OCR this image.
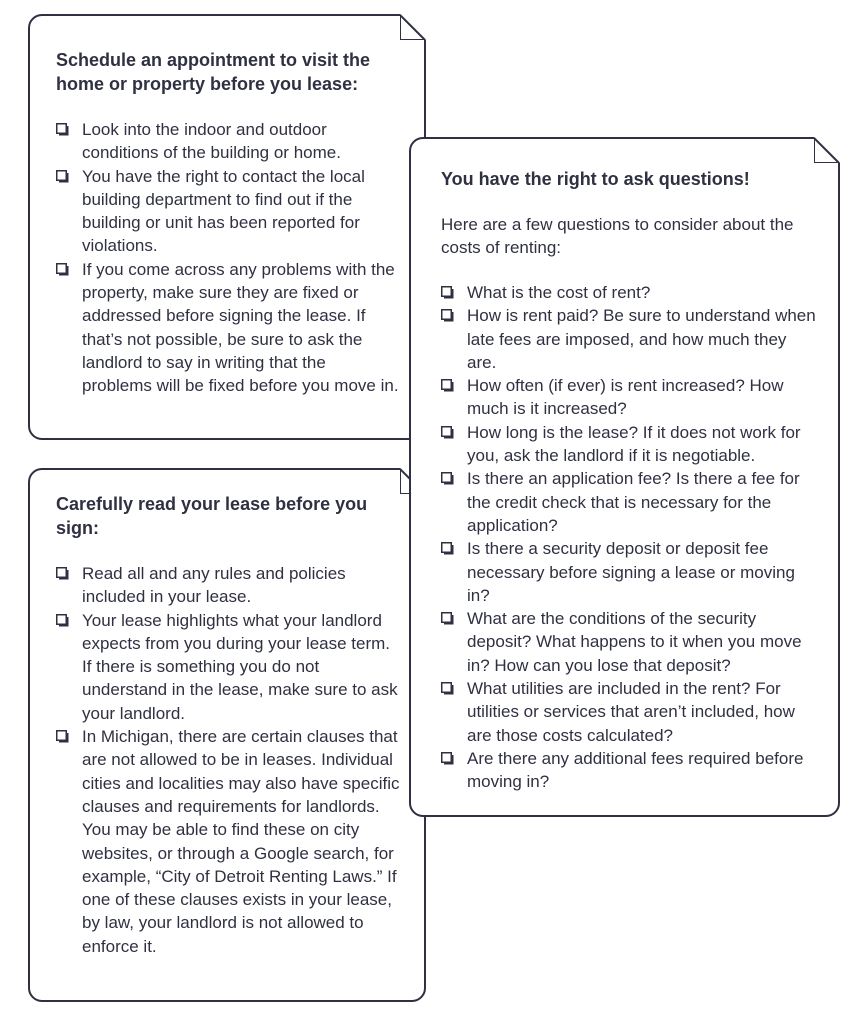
Schedule an appointment to visit the home or property before you lease:
Look into the indoor and outdoor conditions of the building or home.
You have the right to contact the local building department to find out if the building or unit has been reported for violations.
If you come across any problems with the property, make sure they are fixed or addressed before signing the lease. If that’s not possible, be sure to ask the landlord to say in writing that the problems will be fixed before you move in.
Carefully read your lease before you sign:
Read all and any rules and policies included in your lease.
Your lease highlights what your landlord expects from you during your lease term. If there is something you do not understand in the lease, make sure to ask your landlord.
In Michigan, there are certain clauses that are not allowed to be in leases. Individual cities and localities may also have specific clauses and requirements for landlords. You may be able to find these on city websites, or through a Google search, for example, “City of Detroit Renting Laws.” If one of these clauses exists in your lease, by law, your landlord is not allowed to enforce it.
You have the right to ask questions!

Here are a few questions to consider about the costs of renting:

What is the cost of rent?
How is rent paid? Be sure to understand when late fees are imposed, and how much they are.
How often (if ever) is rent increased? How much is it increased?
How long is the lease? If it does not work for you, ask the landlord if it is negotiable.
Is there an application fee? Is there a fee for the credit check that is necessary for the application?
Is there a security deposit or deposit fee necessary before signing a lease or moving in?
What are the conditions of the security deposit? What happens to it when you move in? How can you lose that deposit?
What utilities are included in the rent? For utilities or services that aren’t included, how are those costs calculated?
Are there any additional fees required before moving in?
